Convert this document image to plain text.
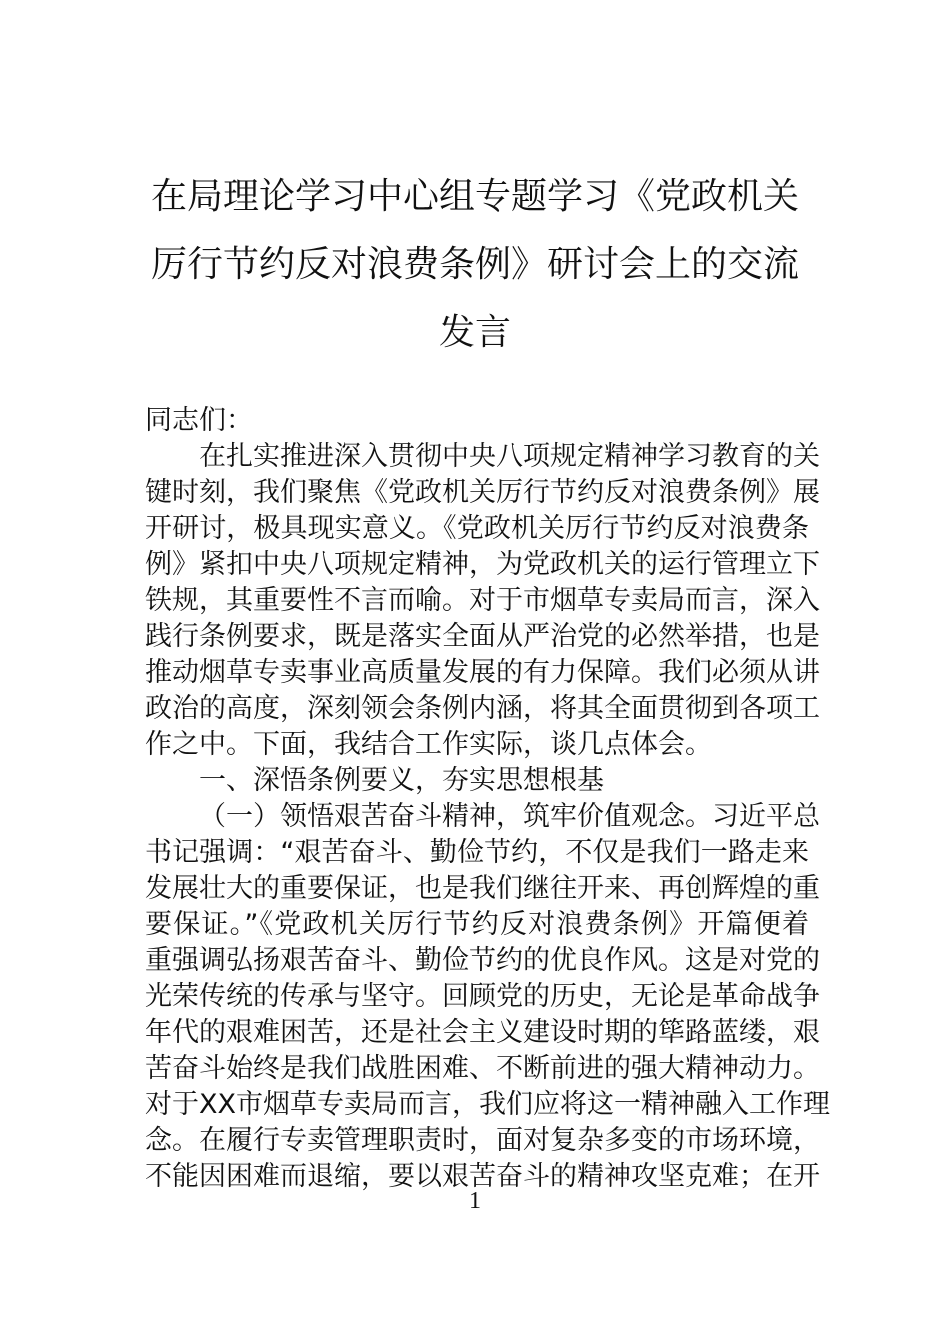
在局理论学习中心组专题学习《党政机关
厉行节约反对浪费条例》研讨会上的交流
发言
同志们：
在扎实推进深入贯彻中央八项规定精神学习教育的关
键时刻，我们聚焦《党政机关厉行节约反对浪费条例》展
开研讨，极具现实意义。《党政机关厉行节约反对浪费条
例》紧扣中央八项规定精神，为党政机关的运行管理立下
铁规，其重要性不言而喻。对于市烟草专卖局而言，深入
践行条例要求，既是落实全面从严治党的必然举措，也是
推动烟草专卖事业高质量发展的有力保障。我们必须从讲
政治的高度，深刻领会条例内涵，将其全面贯彻到各项工
作之中。下面，我结合工作实际，谈几点体会。
一、深悟条例要义，夯实思想根基
（一）领悟艰苦奋斗精神，筑牢价值观念。习近平总
书记强调：“艰苦奋斗、勤俭节约，不仅是我们一路走来
发展壮大的重要保证，也是我们继往开来、再创辉煌的重
要保证。”《党政机关厉行节约反对浪费条例》开篇便着
重强调弘扬艰苦奋斗、勤俭节约的优良作风。这是对党的
光荣传统的传承与坚守。回顾党的历史，无论是革命战争
年代的艰难困苦，还是社会主义建设时期的筚路蓝缕，艰
苦奋斗始终是我们战胜困难、不断前进的强大精神动力。
对于XX市烟草专卖局而言，我们应将这一精神融入工作理
念。在履行专卖管理职责时，面对复杂多变的市场环境，
不能因困难而退缩，要以艰苦奋斗的精神攻坚克难；在开
1
